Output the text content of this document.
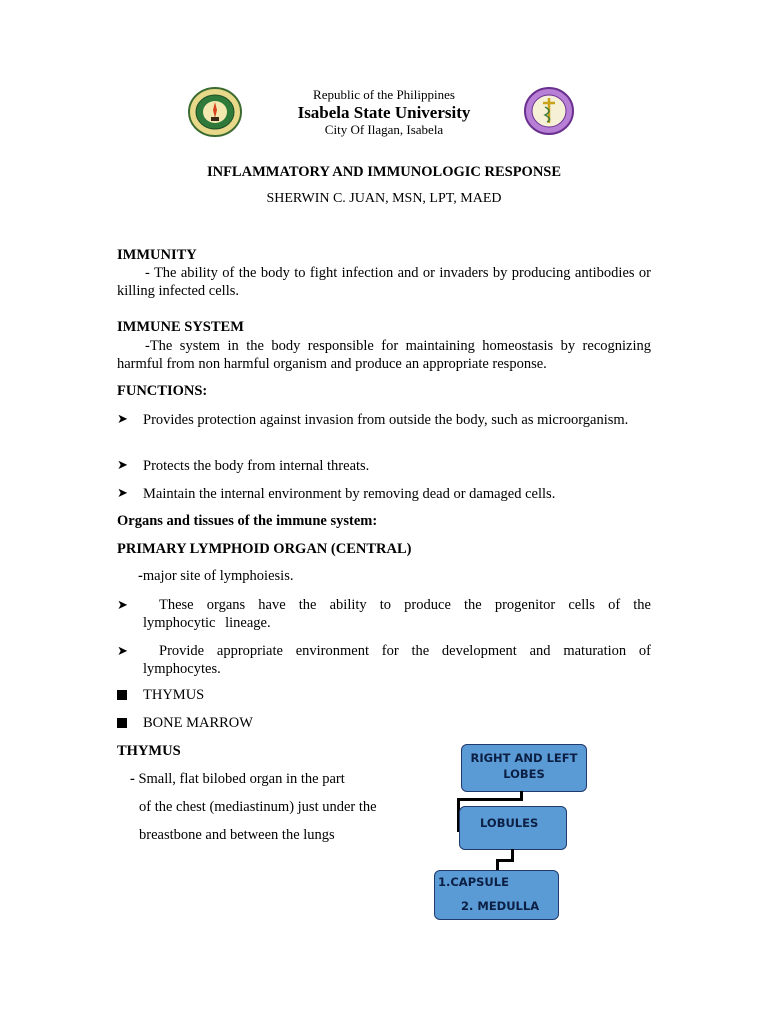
Republic of the Philippines
Isabela State University
City Of Ilagan, Isabela
INFLAMMATORY AND IMMUNOLOGIC RESPONSE
SHERWIN C. JUAN, MSN, LPT, MAED
IMMUNITY
- The ability of the body to fight infection and or invaders by producing antibodies or killing infected cells.
IMMUNE SYSTEM
-The system in the body responsible for maintaining homeostasis by recognizing harmful from non harmful organism and produce an appropriate response.
FUNCTIONS:
➤ Provides protection against invasion from outside the body, such as microorganism.
➤ Protects the body from internal threats.
➤ Maintain the internal environment by removing dead or damaged cells.
Organs and tissues of the immune system:
PRIMARY LYMPHOID ORGAN (CENTRAL)
-major site of lymphoiesis.
➤	These organs have the ability to produce the progenitor cells of the lymphocytic lineage.
➤	Provide appropriate environment for the development and maturation of lymphocytes.
THYMUS
BONE MARROW
THYMUS
- Small, flat bilobed organ in the part
of the chest (mediastinum) just under the
breastbone and between the lungs
RIGHT AND LEFT
LOBES
LOBULES
1.CAPSULE
2. MEDULLA
